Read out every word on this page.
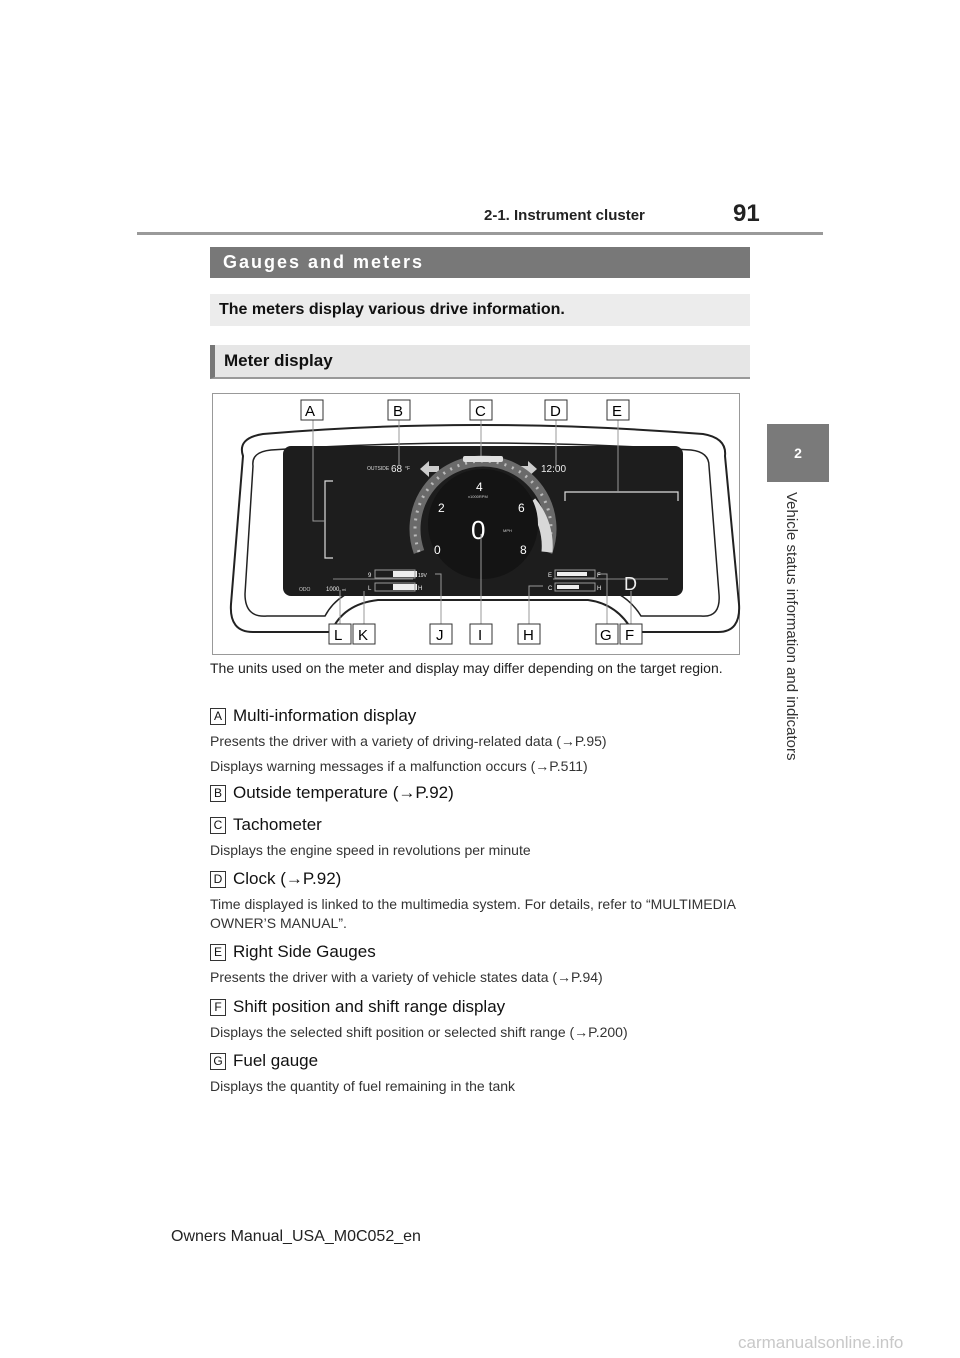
2-1. Instrument cluster	91
2
Vehicle status information and indicators
Gauges and meters
The meters display various drive information.
Meter display
OUTSIDE 68 °F	12:00
4
2	6
0	8
x1000RPM
0	MPH
ODO	1000 mi
9	19V
L	H
E	F
C	H D
A	B	C	D	E
L K	J I	H	G F
The units used on the meter and display may differ depending on the target region.
A Multi-information display

Presents the driver with a variety of driving-related data (→P.95)

Displays warning messages if a malfunction occurs (→P.511)

B Outside temperature (→P.92)
C Tachometer

Displays the engine speed in revolutions per minute

D Clock (→P.92)

Time displayed is linked to the multimedia system. For details, refer to “MULTIMEDIA OWNER’S MANUAL”.

E Right Side Gauges

Presents the driver with a variety of vehicle states data (→P.94)

F Shift position and shift range display

Displays the selected shift position or selected shift range (→P.200)

G Fuel gauge

Displays the quantity of fuel remaining in the tank

Owners Manual_USA_M0C052_en
carmanualsonline.info
